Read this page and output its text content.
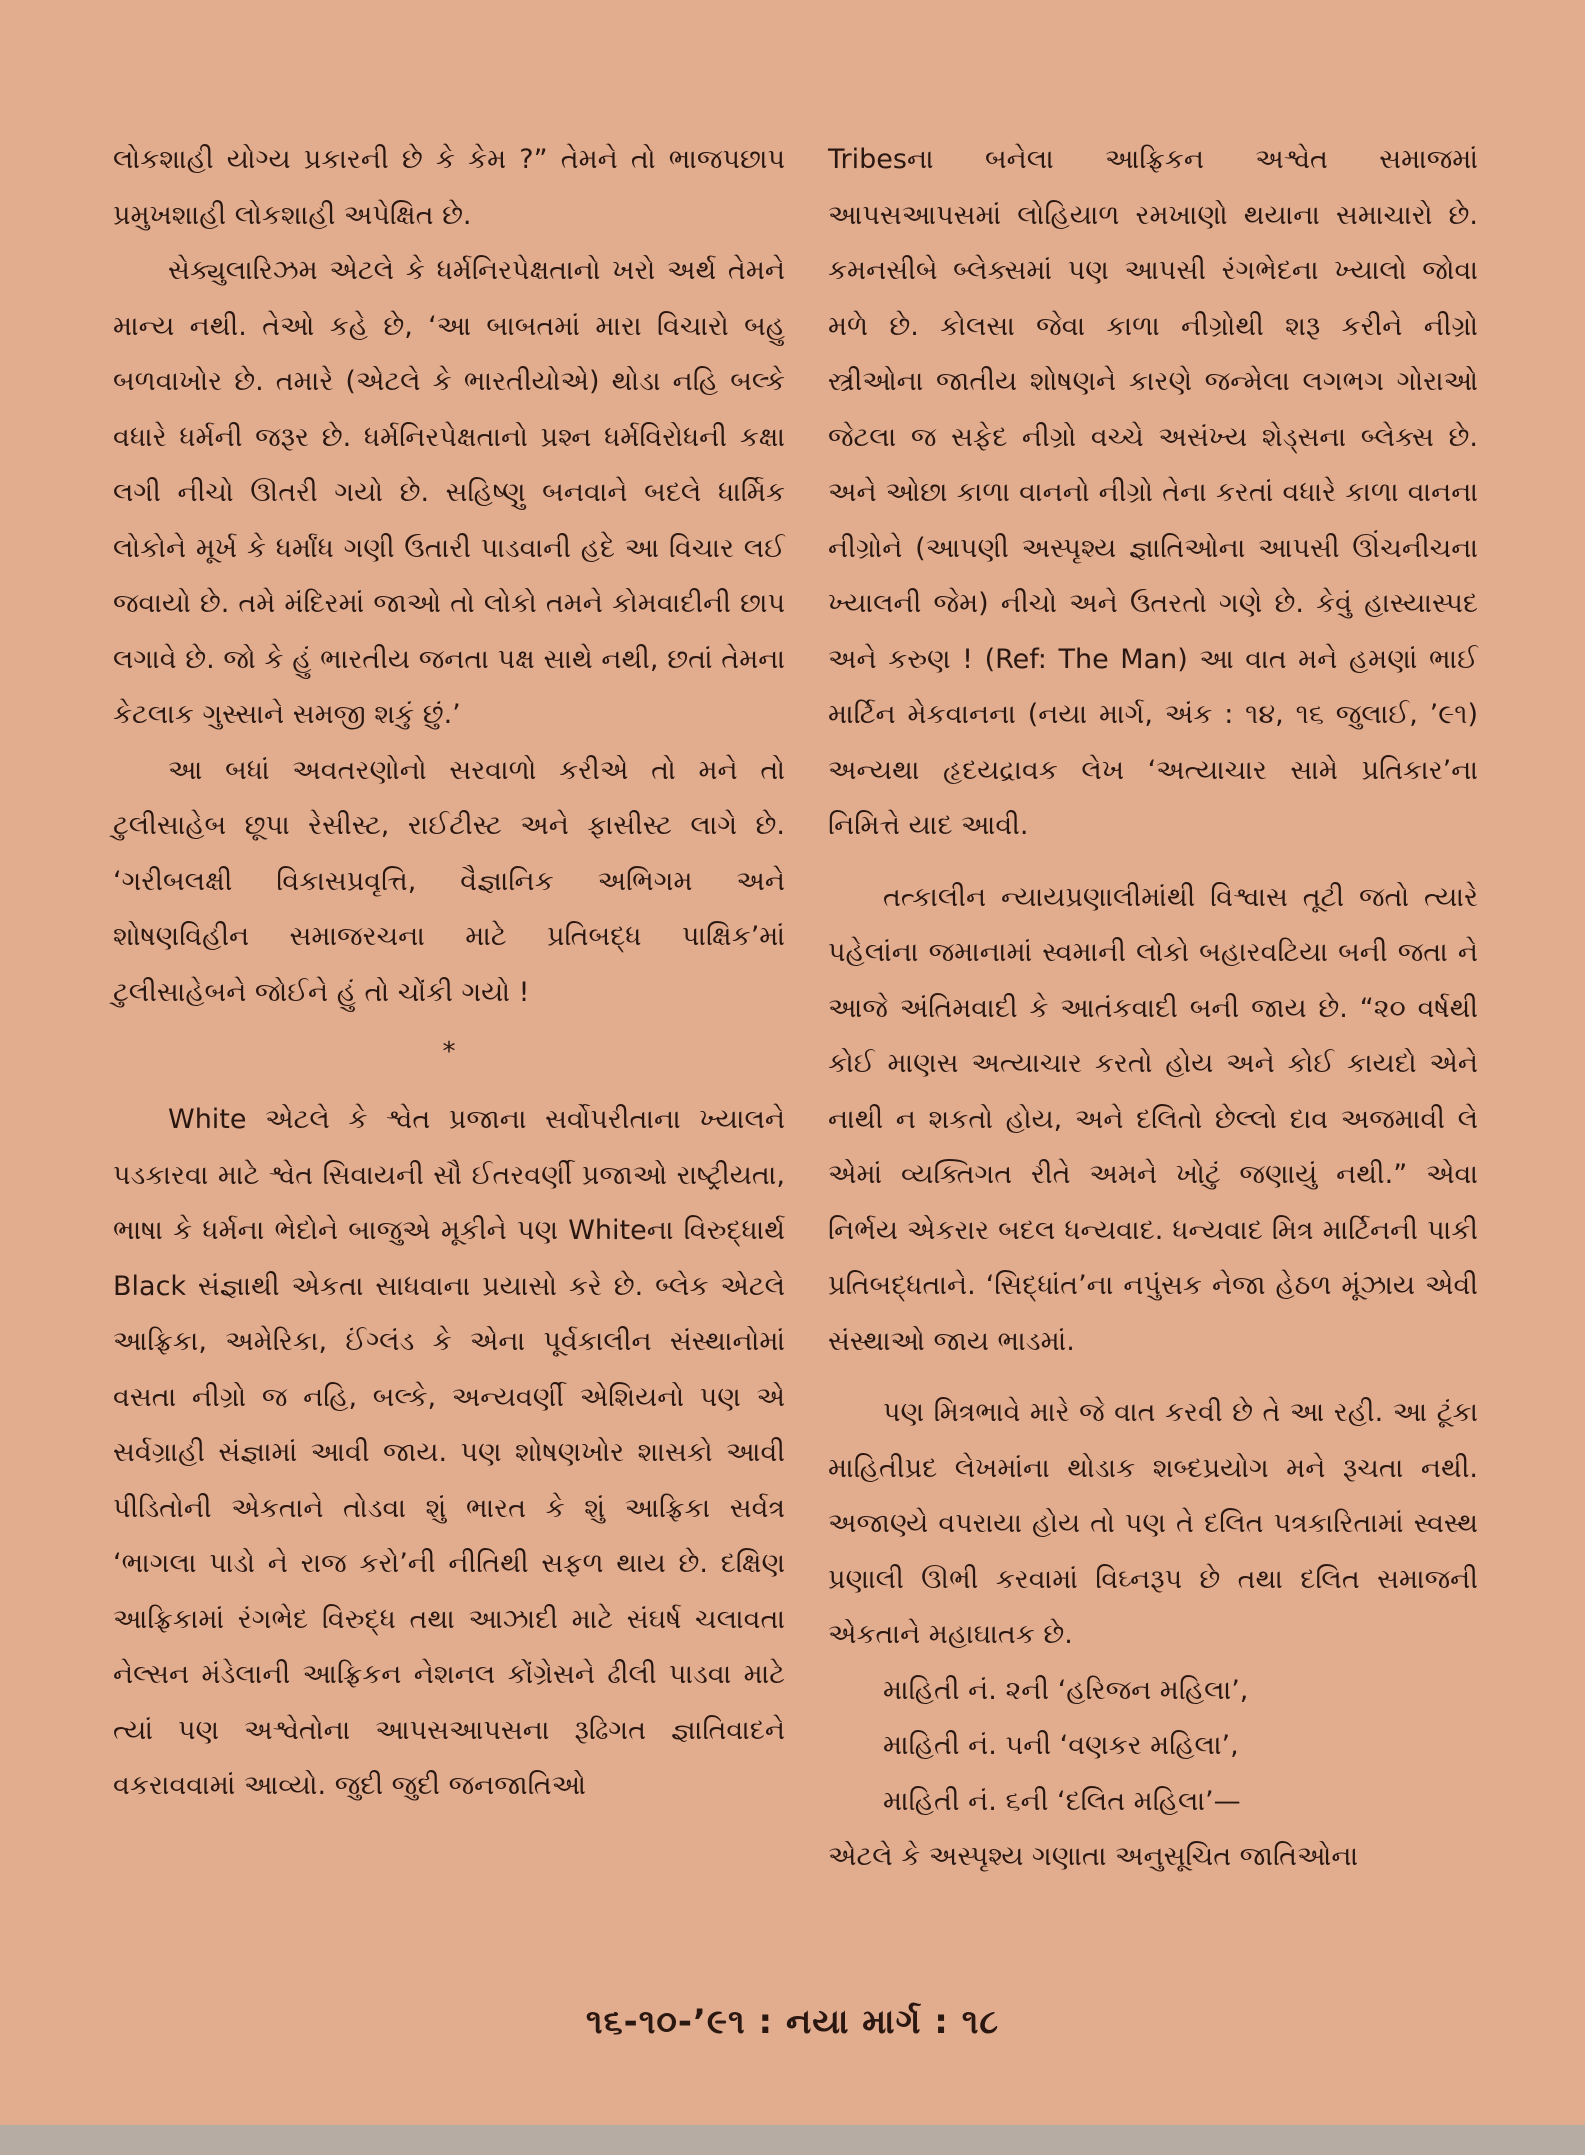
લોકશાહી યોગ્ય પ્રકારની છે કે કેમ ?” તેમને તો ભાજપછાપ પ્રમુખશાહી લોકશાહી અપેક્ષિત છે.

સેક્યુલારિઝમ એટલે કે ધર્મનિરપેક્ષતાનો ખરો અર્થ તેમને માન્ય નથી. તેઓ કહે છે, ‘આ બાબતમાં મારા વિચારો બહુ બળવાખોર છે. તમારે (એટલે કે ભારતીયોએ) થોડા નહિ બલ્કે વધારે ધર્મની જરૂર છે. ધર્મનિરપેક્ષતાનો પ્રશ્ન ધર્મવિરોધની કક્ષા લગી નીચો ઊતરી ગયો છે. સહિષ્ણુ બનવાને બદલે ધાર્મિક લોકોને મૂર્ખ કે ધર્માંધ ગણી ઉતારી પાડવાની હદે આ વિચાર લઈ જવાયો છે. તમે મંદિરમાં જાઓ તો લોકો તમને કોમવાદીની છાપ લગાવે છે. જો કે હું ભારતીય જનતા પક્ષ સાથે નથી, છતાં તેમના કેટલાક ગુસ્સાને સમજી શકું છું.’

આ બધાં અવતરણોનો સરવાળો કરીએ તો મને તો ટુલીસાહેબ છૂપા રેસીસ્ટ, રાઈટીસ્ટ અને ફાસીસ્ટ લાગે છે. ‘ગરીબલક્ષી વિકાસપ્રવૃત્તિ, વૈજ્ઞાનિક અભિગમ અને શોષણવિહીન સમાજરચના માટે પ્રતિબદ્ધ પાક્ષિક’માં ટુલીસાહેબને જોઈને હું તો ચોંકી ગયો !

*

White એટલે કે શ્વેત પ્રજાના સર્વોપરીતાના ખ્યાલને પડકારવા માટે શ્વેત સિવાયની સૌ ઈતરવર્ણી પ્રજાઓ રાષ્ટ્રીયતા, ભાષા કે ધર્મના ભેદોને બાજુએ મૂકીને પણ Whiteના વિરુદ્ધાર્થ Black સંજ્ઞાથી એકતા સાધવાના પ્રયાસો કરે છે. બ્લેક એટલે આફ્રિકા, અમેરિકા, ઈંગ્લંડ કે એના પૂર્વકાલીન સંસ્થાનોમાં વસતા નીગ્રો જ નહિ, બલ્કે, અન્યવર્ણી એશિયનો પણ એ સર્વગ્રાહી સંજ્ઞામાં આવી જાય. પણ શોષણખોર શાસકો આવી પીડિતોની એકતાને તોડવા શું ભારત કે શું આફ્રિકા સર્વત્ર ‘ભાગલા પાડો ને રાજ કરો’ની નીતિથી સફળ થાય છે. દક્ષિણ આફ્રિકામાં રંગભેદ વિરુદ્ધ તથા આઝાદી માટે સંઘર્ષ ચલાવતા નેલ્સન મંડેલાની આફ્રિકન નેશનલ કોંગ્રેસને ઢીલી પાડવા માટે ત્યાં પણ અશ્વેતોના આપસઆપસના રૂઢિગત જ્ઞાતિવાદને વકરાવવામાં આવ્યો. જુદી જુદી જનજાતિઓ

Tribesના બનેલા આફ્રિકન અશ્વેત સમાજમાં આપસઆપસમાં લોહિયાળ રમખાણો થયાના સમાચારો છે. કમનસીબે બ્લેક્સમાં પણ આપસી રંગભેદના ખ્યાલો જોવા મળે છે. કોલસા જેવા કાળા નીગ્રોથી શરૂ કરીને નીગ્રો સ્ત્રીઓના જાતીય શોષણને કારણે જન્મેલા લગભગ ગોરાઓ જેટલા જ સફેદ નીગ્રો વચ્ચે અસંખ્ય શેડ્સના બ્લેક્સ છે. અને ઓછા કાળા વાનનો નીગ્રો તેના કરતાં વધારે કાળા વાનના નીગ્રોને (આપણી અસ્પૃશ્ય જ્ઞાતિઓના આપસી ઊંચનીચના ખ્યાલની જેમ) નીચો અને ઉતરતો ગણે છે. કેવું હાસ્યાસ્પદ અને કરુણ ! (Ref: The Man) આ વાત મને હમણાં ભાઈ માર્ટિન મેકવાનના (નયા માર્ગ, અંક : ૧૪, ૧૬ જુલાઈ, ’૯૧) અન્યથા હૃદયદ્રાવક લેખ ‘અત્યાચાર સામે પ્રતિકાર’ના નિમિત્તે યાદ આવી.

તત્કાલીન ન્યાયપ્રણાલીમાંથી વિશ્વાસ તૂટી જતો ત્યારે પહેલાંના જમાનામાં સ્વમાની લોકો બહારવટિયા બની જતા ને આજે અંતિમવાદી કે આતંકવાદી બની જાય છે. “૨૦ વર્ષથી કોઈ માણસ અત્યાચાર કરતો હોય અને કોઈ કાયદો એને નાથી ન શકતો હોય, અને દલિતો છેલ્લો દાવ અજમાવી લે એમાં વ્યક્તિગત રીતે અમને ખોટું જણાયું નથી.” એવા નિર્ભય એકરાર બદલ ધન્યવાદ. ધન્યવાદ મિત્ર માર્ટિનની પાકી પ્રતિબદ્ધતાને. ‘સિદ્ધાંત’ના નપુંસક નેજા હેઠળ મૂંઝાય એવી સંસ્થાઓ જાય ભાડમાં.

પણ મિત્રભાવે મારે જે વાત કરવી છે તે આ રહી. આ ટૂંકા માહિતીપ્રદ લેખમાંના થોડાક શબ્દપ્રયોગ મને રૂચતા નથી. અજાણ્યે વપરાયા હોય તો પણ તે દલિત પત્રકારિતામાં સ્વસ્થ પ્રણાલી ઊભી કરવામાં વિઘ્નરૂપ છે તથા દલિત સમાજની એકતાને મહાઘાતક છે.

માહિતી નં. ૨ની ‘હરિજન મહિલા’,

માહિતી નં. ૫ની ‘વણકર મહિલા’,

માહિતી નં. ૬ની ‘દલિત મહિલા’—

એટલે કે અસ્પૃશ્ય ગણાતા અનુસૂચિત જાતિઓના

૧૬-૧૦-’૯૧ : નયા માર્ગ : ૧૮
